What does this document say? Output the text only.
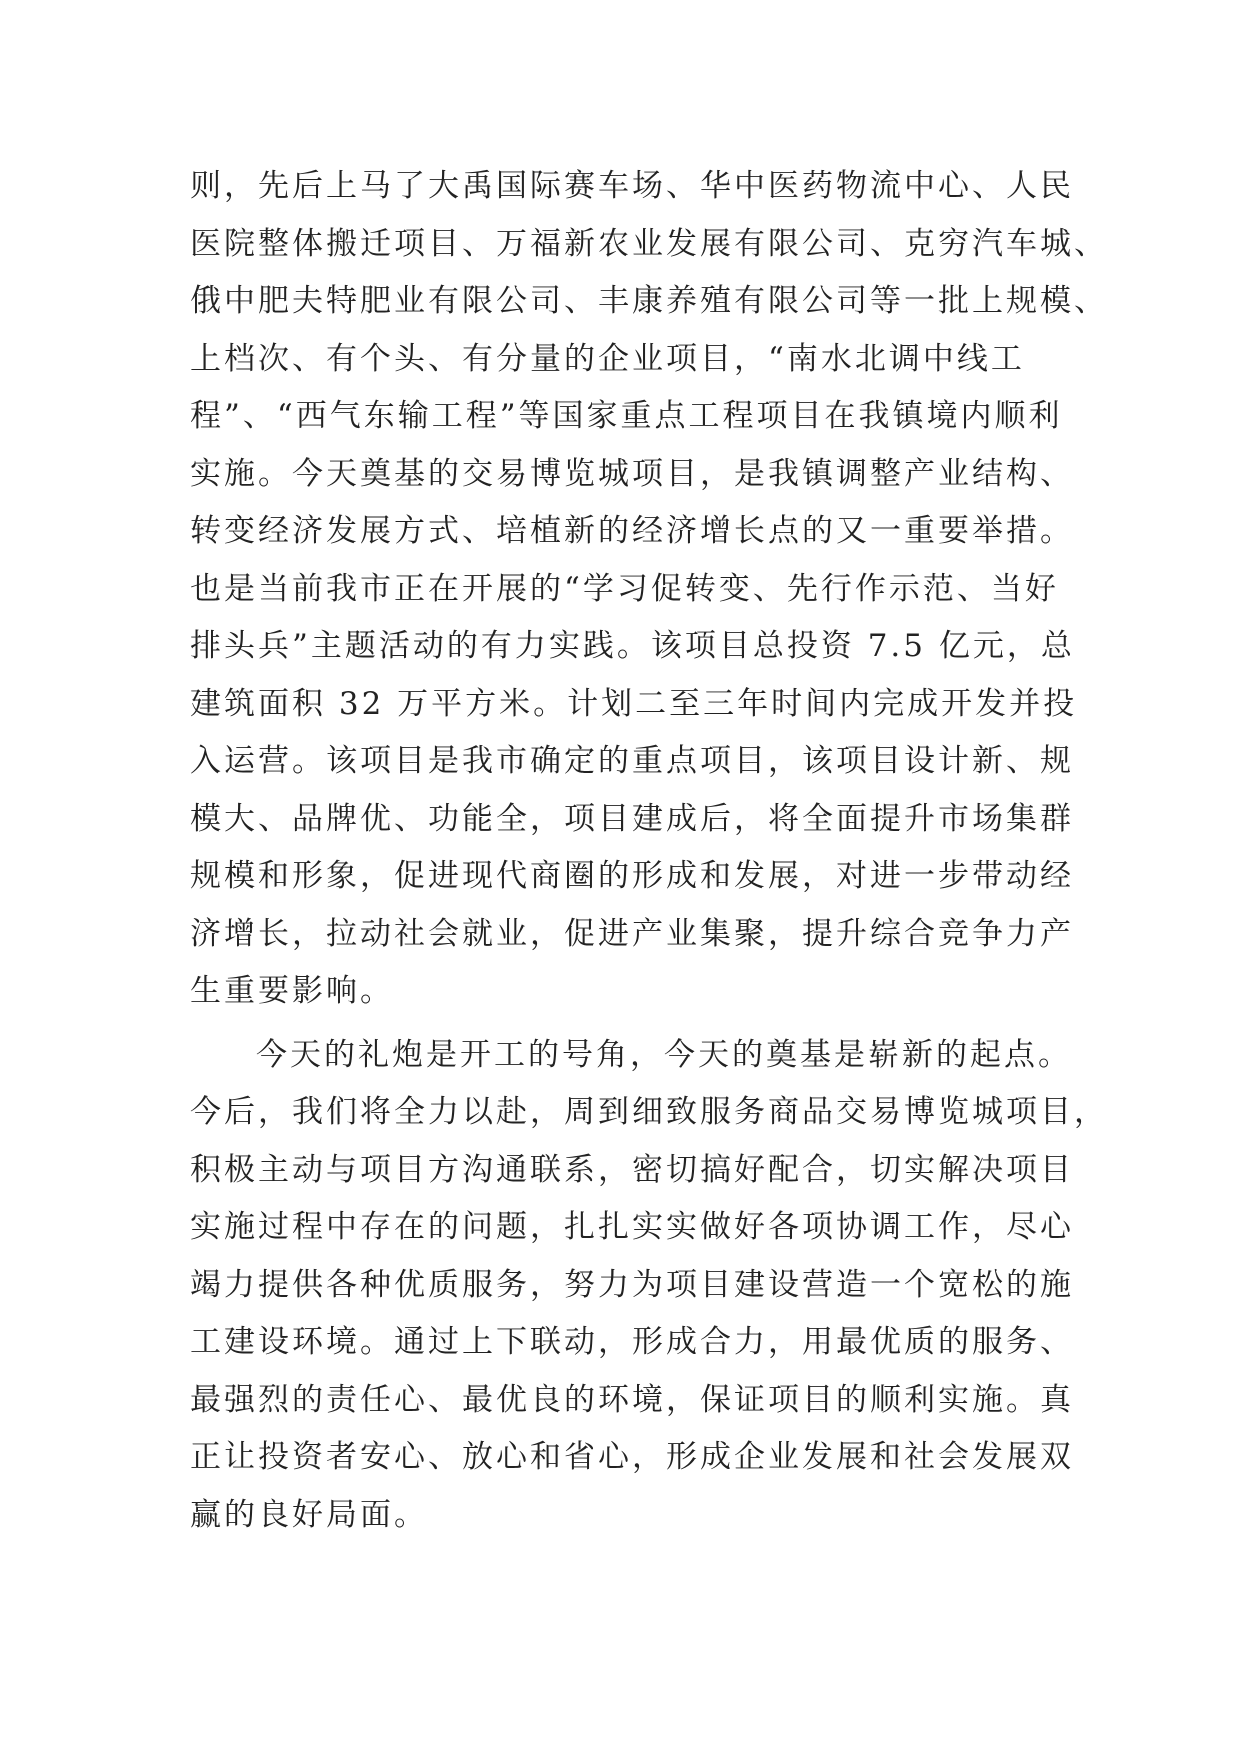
则，先后上马了大禹国际赛车场、华中医药物流中心、人民
医院整体搬迁项目、万福新农业发展有限公司、克穷汽车城、
俄中肥夫特肥业有限公司、丰康养殖有限公司等一批上规模、
上档次、有个头、有分量的企业项目，“南水北调中线工
程”、“西气东输工程”等国家重点工程项目在我镇境内顺利
实施。今天奠基的交易博览城项目，是我镇调整产业结构、
转变经济发展方式、培植新的经济增长点的又一重要举措。
也是当前我市正在开展的“学习促转变、先行作示范、当好
排头兵”主题活动的有力实践。该项目总投资 7.5 亿元，总
建筑面积 32 万平方米。计划二至三年时间内完成开发并投
入运营。该项目是我市确定的重点项目，该项目设计新、规
模大、品牌优、功能全，项目建成后，将全面提升市场集群
规模和形象，促进现代商圈的形成和发展，对进一步带动经
济增长，拉动社会就业，促进产业集聚，提升综合竞争力产
生重要影响。
今天的礼炮是开工的号角，今天的奠基是崭新的起点。
今后，我们将全力以赴，周到细致服务商品交易博览城项目，
积极主动与项目方沟通联系，密切搞好配合，切实解决项目
实施过程中存在的问题，扎扎实实做好各项协调工作，尽心
竭力提供各种优质服务，努力为项目建设营造一个宽松的施
工建设环境。通过上下联动，形成合力，用最优质的服务、
最强烈的责任心、最优良的环境，保证项目的顺利实施。真
正让投资者安心、放心和省心，形成企业发展和社会发展双
赢的良好局面。
